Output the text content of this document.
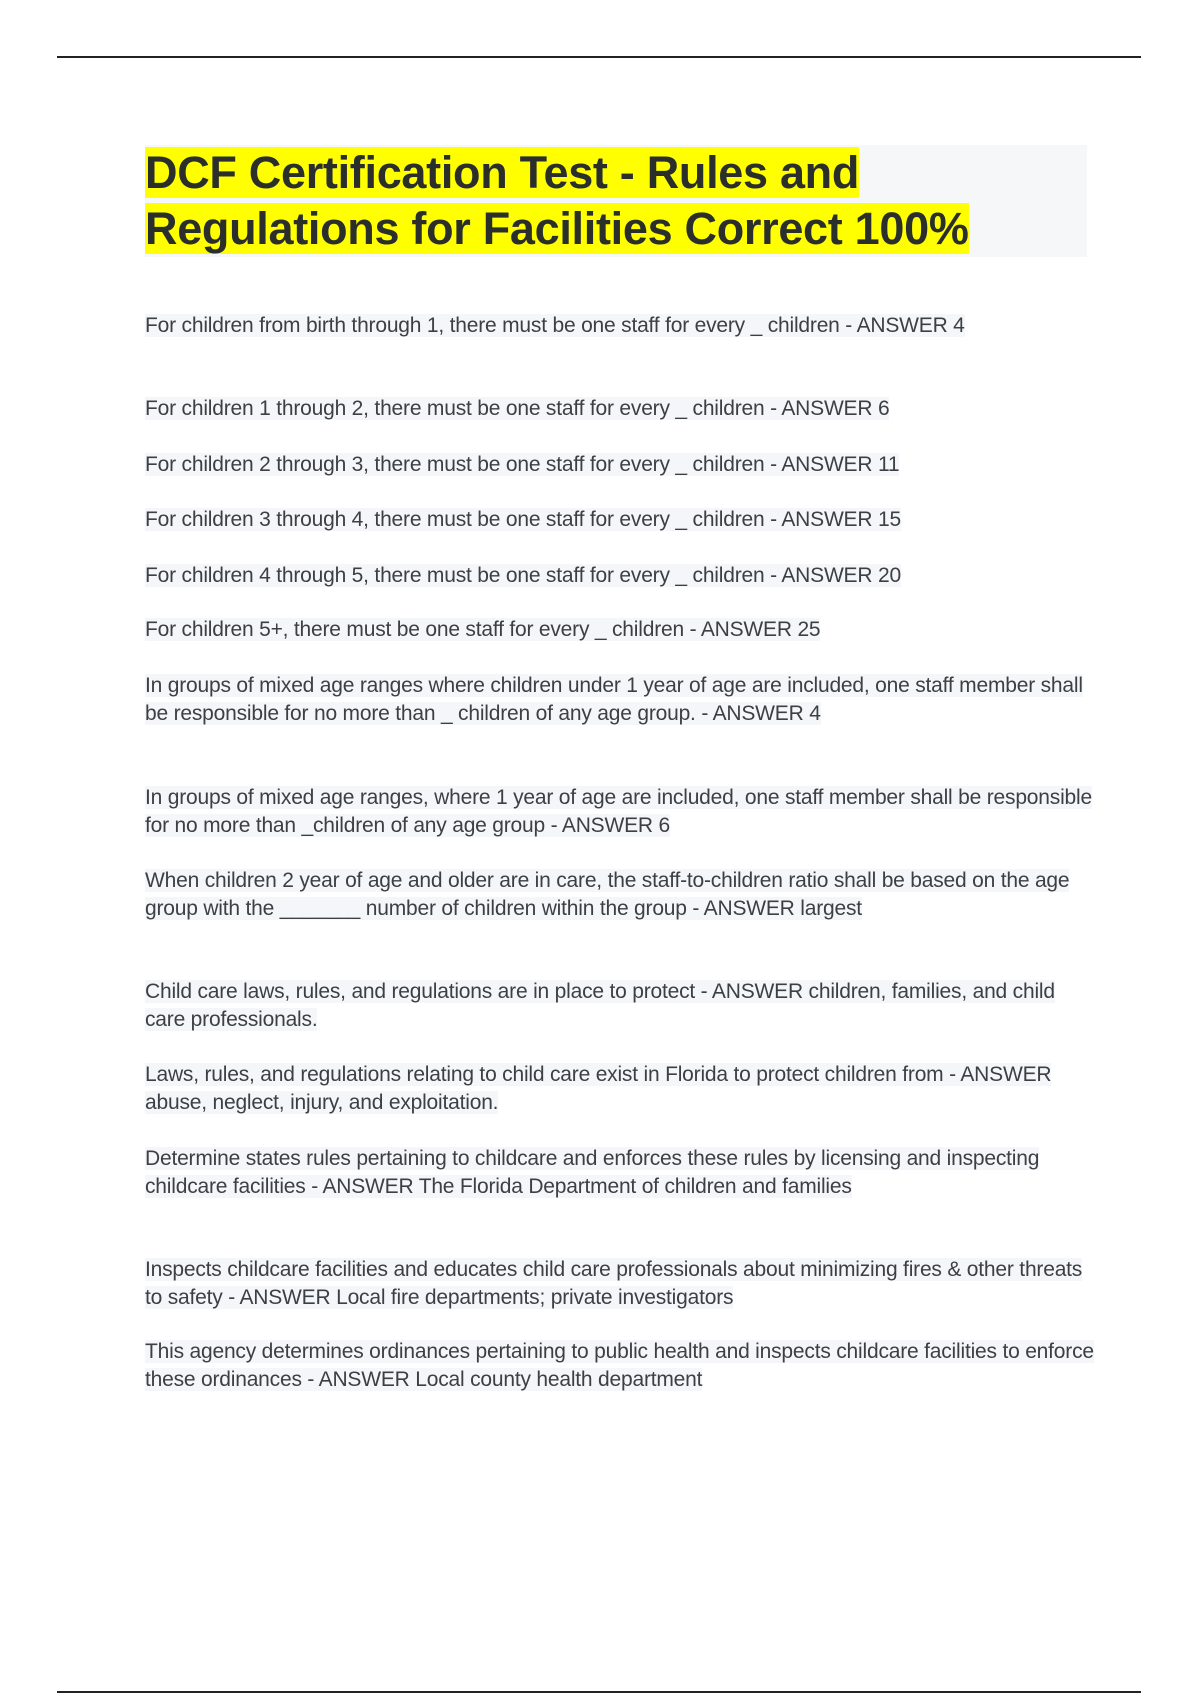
DCF Certification Test - Rules and Regulations for Facilities Correct 100%

For children from birth through 1, there must be one staff for every _ children - ANSWER 4

For children 1 through 2, there must be one staff for every _ children - ANSWER 6

For children 2 through 3, there must be one staff for every _ children - ANSWER 11

For children 3 through 4, there must be one staff for every _ children - ANSWER 15

For children 4 through 5, there must be one staff for every _ children - ANSWER 20

For children 5+, there must be one staff for every _ children - ANSWER 25

In groups of mixed age ranges where children under 1 year of age are included, one staff member shall be responsible for no more than _ children of any age group. - ANSWER 4

In groups of mixed age ranges, where 1 year of age are included, one staff member shall be responsible for no more than _children of any age group - ANSWER 6

When children 2 year of age and older are in care, the staff-to-children ratio shall be based on the age group with the _______ number of children within the group - ANSWER largest

Child care laws, rules, and regulations are in place to protect - ANSWER children, families, and child care professionals.

Laws, rules, and regulations relating to child care exist in Florida to protect children from - ANSWER abuse, neglect, injury, and exploitation.

Determine states rules pertaining to childcare and enforces these rules by licensing and inspecting childcare facilities - ANSWER The Florida Department of children and families

Inspects childcare facilities and educates child care professionals about minimizing fires & other threats to safety - ANSWER Local fire departments; private investigators

This agency determines ordinances pertaining to public health and inspects childcare facilities to enforce these ordinances - ANSWER Local county health department
